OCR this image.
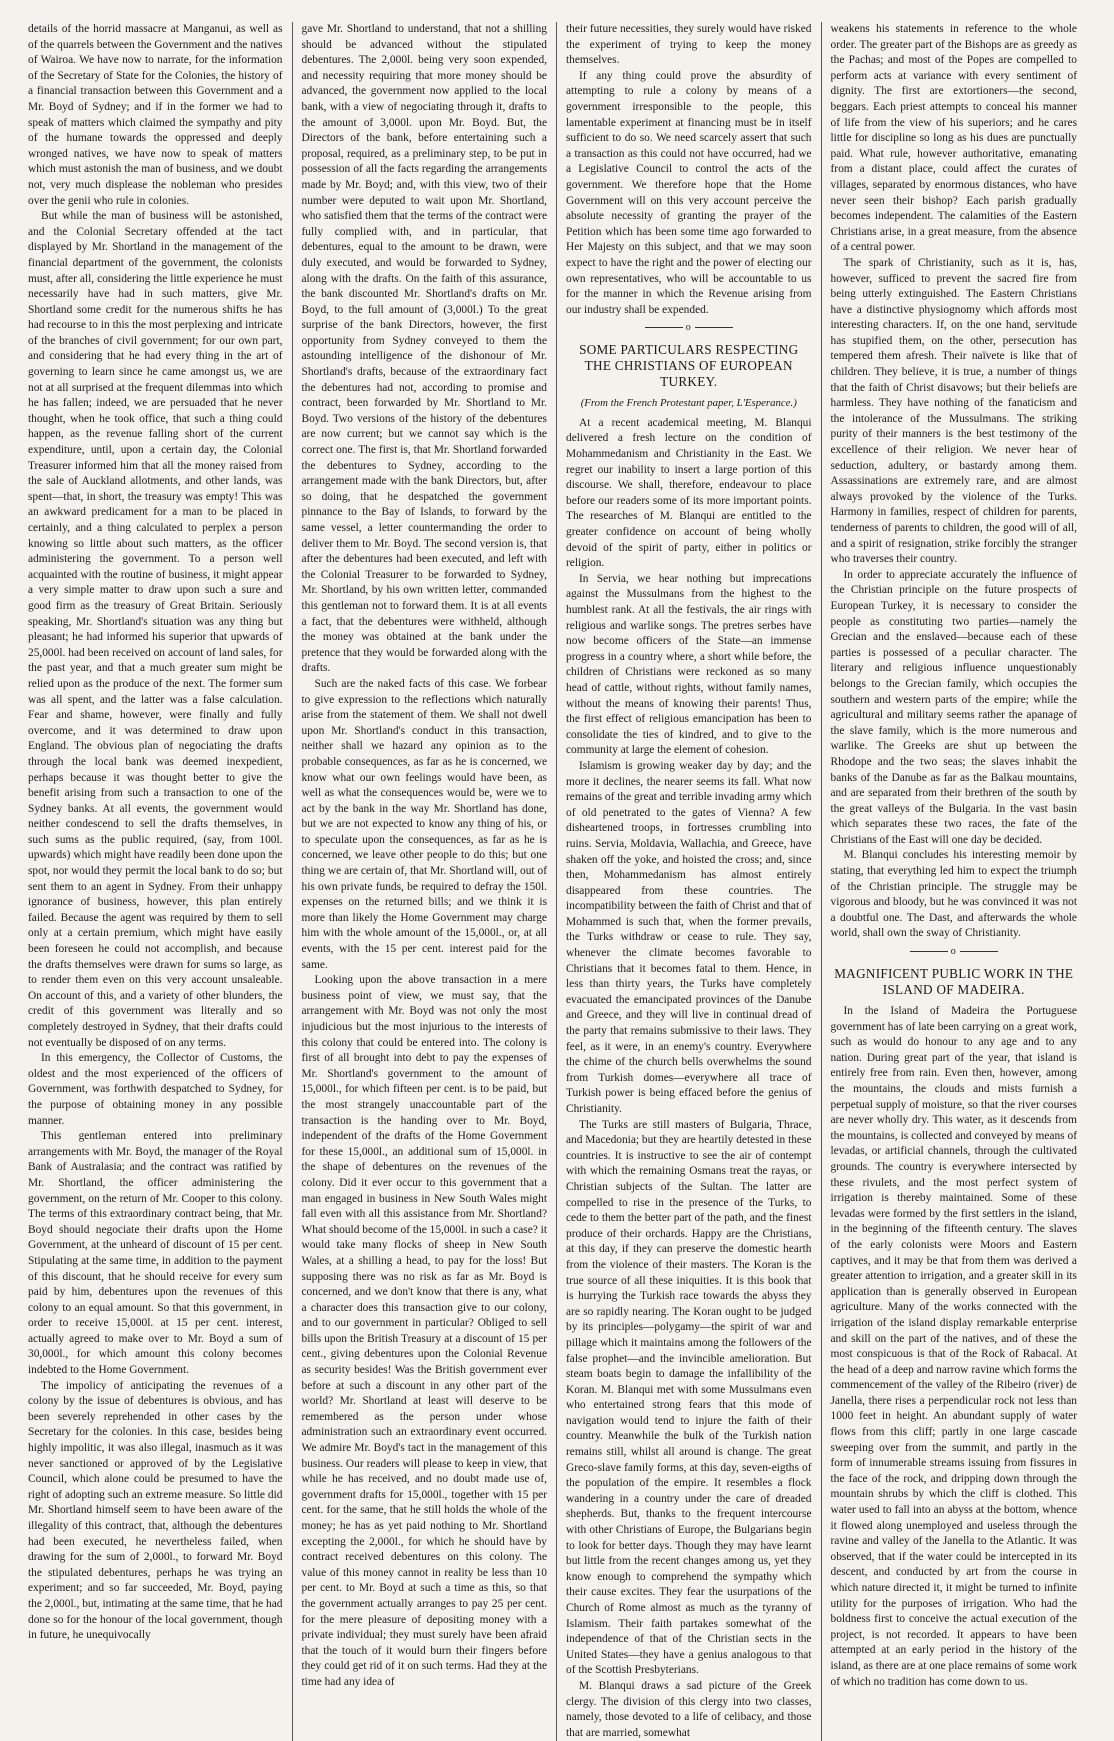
details of the horrid massacre at Manganui, as well as of the quarrels between the Government and the natives of Wairoa. We have now to narrate, for the information of the Secretary of State for the Colonies, the history of a financial transaction between this Government and a Mr. Boyd of Sydney; and if in the former we had to speak of matters which claimed the sympathy and pity of the humane towards the oppressed and deeply wronged natives, we have now to speak of matters which must astonish the man of business, and we doubt not, very much displease the nobleman who presides over the genii who rule in colonies.

But while the man of business will be astonished, and the Colonial Secretary offended at the tact displayed by Mr. Shortland in the management of the financial department of the government, the colonists must, after all, considering the little experience he must necessarily have had in such matters, give Mr. Shortland some credit for the numerous shifts he has had recourse to in this the most perplexing and intricate of the branches of civil government; for our own part, and considering that he had every thing in the art of governing to learn since he came amongst us, we are not at all surprised at the frequent dilemmas into which he has fallen; indeed, we are persuaded that he never thought, when he took office, that such a thing could happen, as the revenue falling short of the current expenditure, until, upon a certain day, the Colonial Treasurer informed him that all the money raised from the sale of Auckland allotments, and other lands, was spent—that, in short, the treasury was empty! This was an awkward predicament for a man to be placed in certainly, and a thing calculated to perplex a person knowing so little about such matters, as the officer administering the government. To a person well acquainted with the routine of business, it might appear a very simple matter to draw upon such a sure and good firm as the treasury of Great Britain. Seriously speaking, Mr. Shortland's situation was any thing but pleasant; he had informed his superior that upwards of 25,000l. had been received on account of land sales, for the past year, and that a much greater sum might be relied upon as the produce of the next. The former sum was all spent, and the latter was a false calculation. Fear and shame, however, were finally and fully overcome, and it was determined to draw upon England. The obvious plan of negociating the drafts through the local bank was deemed inexpedient, perhaps because it was thought better to give the benefit arising from such a transaction to one of the Sydney banks. At all events, the government would neither condescend to sell the drafts themselves, in such sums as the public required, (say, from 100l. upwards) which might have readily been done upon the spot, nor would they permit the local bank to do so; but sent them to an agent in Sydney. From their unhappy ignorance of business, however, this plan entirely failed. Because the agent was required by them to sell only at a certain premium, which might have easily been foreseen he could not accomplish, and because the drafts themselves were drawn for sums so large, as to render them even on this very account unsaleable. On account of this, and a variety of other blunders, the credit of this government was literally and so completely destroyed in Sydney, that their drafts could not eventually be disposed of on any terms.

In this emergency, the Collector of Customs, the oldest and the most experienced of the officers of Government, was forthwith despatched to Sydney, for the purpose of obtaining money in any possible manner.

This gentleman entered into preliminary arrangements with Mr. Boyd, the manager of the Royal Bank of Australasia; and the contract was ratified by Mr. Shortland, the officer administering the government, on the return of Mr. Cooper to this colony. The terms of this extraordinary contract being, that Mr. Boyd should negociate their drafts upon the Home Government, at the unheard of discount of 15 per cent. Stipulating at the same time, in addition to the payment of this discount, that he should receive for every sum paid by him, debentures upon the revenues of this colony to an equal amount. So that this government, in order to receive 15,000l. at 15 per cent. interest, actually agreed to make over to Mr. Boyd a sum of 30,000l., for which amount this colony becomes indebted to the Home Government.

The impolicy of anticipating the revenues of a colony by the issue of debentures is obvious, and has been severely reprehended in other cases by the Secretary for the colonies. In this case, besides being highly impolitic, it was also illegal, inasmuch as it was never sanctioned or approved of by the Legislative Council, which alone could be presumed to have the right of adopting such an extreme measure. So little did Mr. Shortland himself seem to have been aware of the illegality of this contract, that, although the debentures had been executed, he nevertheless failed, when drawing for the sum of 2,000l., to forward Mr. Boyd the stipulated debentures, perhaps he was trying an experiment; and so far succeeded, Mr. Boyd, paying the 2,000l., but, intimating at the same time, that he had done so for the honour of the local government, though in future, he unequivocally

gave Mr. Shortland to understand, that not a shilling should be advanced without the stipulated debentures. The 2,000l. being very soon expended, and necessity requiring that more money should be advanced, the government now applied to the local bank, with a view of negociating through it, drafts to the amount of 3,000l. upon Mr. Boyd. But, the Directors of the bank, before entertaining such a proposal, required, as a preliminary step, to be put in possession of all the facts regarding the arrangements made by Mr. Boyd; and, with this view, two of their number were deputed to wait upon Mr. Shortland, who satisfied them that the terms of the contract were fully complied with, and in particular, that debentures, equal to the amount to be drawn, were duly executed, and would be forwarded to Sydney, along with the drafts. On the faith of this assurance, the bank discounted Mr. Shortland's drafts on Mr. Boyd, to the full amount of (3,000l.) To the great surprise of the bank Directors, however, the first opportunity from Sydney conveyed to them the astounding intelligence of the dishonour of Mr. Shortland's drafts, because of the extraordinary fact the debentures had not, according to promise and contract, been forwarded by Mr. Shortland to Mr. Boyd. Two versions of the history of the debentures are now current; but we cannot say which is the correct one. The first is, that Mr. Shortland forwarded the debentures to Sydney, according to the arrangement made with the bank Directors, but, after so doing, that he despatched the government pinnance to the Bay of Islands, to forward by the same vessel, a letter countermanding the order to deliver them to Mr. Boyd. The second version is, that after the debentures had been executed, and left with the Colonial Treasurer to be forwarded to Sydney, Mr. Shortland, by his own written letter, commanded this gentleman not to forward them. It is at all events a fact, that the debentures were withheld, although the money was obtained at the bank under the pretence that they would be forwarded along with the drafts.

Such are the naked facts of this case. We forbear to give expression to the reflections which naturally arise from the statement of them. We shall not dwell upon Mr. Shortland's conduct in this transaction, neither shall we hazard any opinion as to the probable consequences, as far as he is concerned, we know what our own feelings would have been, as well as what the consequences would be, were we to act by the bank in the way Mr. Shortland has done, but we are not expected to know any thing of his, or to speculate upon the consequences, as far as he is concerned, we leave other people to do this; but one thing we are certain of, that Mr. Shortland will, out of his own private funds, be required to defray the 150l. expenses on the returned bills; and we think it is more than likely the Home Government may charge him with the whole amount of the 15,000l., or, at all events, with the 15 per cent. interest paid for the same.

Looking upon the above transaction in a mere business point of view, we must say, that the arrangement with Mr. Boyd was not only the most injudicious but the most injurious to the interests of this colony that could be entered into. The colony is first of all brought into debt to pay the expenses of Mr. Shortland's government to the amount of 15,000l., for which fifteen per cent. is to be paid, but the most strangely unaccountable part of the transaction is the handing over to Mr. Boyd, independent of the drafts of the Home Government for these 15,000l., an additional sum of 15,000l. in the shape of debentures on the revenues of the colony. Did it ever occur to this government that a man engaged in business in New South Wales might fall even with all this assistance from Mr. Shortland? What should become of the 15,000l. in such a case? it would take many flocks of sheep in New South Wales, at a shilling a head, to pay for the loss! But supposing there was no risk as far as Mr. Boyd is concerned, and we don't know that there is any, what a character does this transaction give to our colony, and to our government in particular? Obliged to sell bills upon the British Treasury at a discount of 15 per cent., giving debentures upon the Colonial Revenue as security besides! Was the British government ever before at such a discount in any other part of the world? Mr. Shortland at least will deserve to be remembered as the person under whose administration such an extraordinary event occurred. We admire Mr. Boyd's tact in the management of this business. Our readers will please to keep in view, that while he has received, and no doubt made use of, government drafts for 15,000l., together with 15 per cent. for the same, that he still holds the whole of the money; he has as yet paid nothing to Mr. Shortland excepting the 2,000l., for which he should have by contract received debentures on this colony. The value of this money cannot in reality be less than 10 per cent. to Mr. Boyd at such a time as this, so that the government actually arranges to pay 25 per cent. for the mere pleasure of depositing money with a private individual; they must surely have been afraid that the touch of it would burn their fingers before they could get rid of it on such terms. Had they at the time had any idea of

their future necessities, they surely would have risked the experiment of trying to keep the money themselves.

If any thing could prove the absurdity of attempting to rule a colony by means of a government irresponsible to the people, this lamentable experiment at financing must be in itself sufficient to do so. We need scarcely assert that such a transaction as this could not have occurred, had we a Legislative Council to control the acts of the government. We therefore hope that the Home Government will on this very account perceive the absolute necessity of granting the prayer of the Petition which has been some time ago forwarded to Her Majesty on this subject, and that we may soon expect to have the right and the power of electing our own representatives, who will be accountable to us for the manner in which the Revenue arising from our industry shall be expended.

o
SOME PARTICULARS RESPECTING THE CHRISTIANS OF EUROPEAN TURKEY.
(From the French Protestant paper, L'Esperance.)

At a recent academical meeting, M. Blanqui delivered a fresh lecture on the condition of Mohammedanism and Christianity in the East. We regret our inability to insert a large portion of this discourse. We shall, therefore, endeavour to place before our readers some of its more important points. The researches of M. Blanqui are entitled to the greater confidence on account of being wholly devoid of the spirit of party, either in politics or religion.

In Servia, we hear nothing but imprecations against the Mussulmans from the highest to the humblest rank. At all the festivals, the air rings with religious and warlike songs. The pretres serbes have now become officers of the State—an immense progress in a country where, a short while before, the children of Christians were reckoned as so many head of cattle, without rights, without family names, without the means of knowing their parents! Thus, the first effect of religious emancipation has been to consolidate the ties of kindred, and to give to the community at large the element of cohesion.

Islamism is growing weaker day by day; and the more it declines, the nearer seems its fall. What now remains of the great and terrible invading army which of old penetrated to the gates of Vienna? A few disheartened troops, in fortresses crumbling into ruins. Servia, Moldavia, Wallachia, and Greece, have shaken off the yoke, and hoisted the cross; and, since then, Mohammedanism has almost entirely disappeared from these countries. The incompatibility between the faith of Christ and that of Mohammed is such that, when the former prevails, the Turks withdraw or cease to rule. They say, whenever the climate becomes favorable to Christians that it becomes fatal to them. Hence, in less than thirty years, the Turks have completely evacuated the emancipated provinces of the Danube and Greece, and they will live in continual dread of the party that remains submissive to their laws. They feel, as it were, in an enemy's country. Everywhere the chime of the church bells overwhelms the sound from Turkish domes—everywhere all trace of Turkish power is being effaced before the genius of Christianity.

The Turks are still masters of Bulgaria, Thrace, and Macedonia; but they are heartily detested in these countries. It is instructive to see the air of contempt with which the remaining Osmans treat the rayas, or Christian subjects of the Sultan. The latter are compelled to rise in the presence of the Turks, to cede to them the better part of the path, and the finest produce of their orchards. Happy are the Christians, at this day, if they can preserve the domestic hearth from the violence of their masters. The Koran is the true source of all these iniquities. It is this book that is hurrying the Turkish race towards the abyss they are so rapidly nearing. The Koran ought to be judged by its principles—polygamy—the spirit of war and pillage which it maintains among the followers of the false prophet—and the invincible amelioration. But steam boats begin to damage the infallibility of the Koran. M. Blanqui met with some Mussulmans even who entertained strong fears that this mode of navigation would tend to injure the faith of their country. Meanwhile the bulk of the Turkish nation remains still, whilst all around is change. The great Greco-slave family forms, at this day, seven-eigths of the population of the empire. It resembles a flock wandering in a country under the care of dreaded shepherds. But, thanks to the frequent intercourse with other Christians of Europe, the Bulgarians begin to look for better days. Though they may have learnt but little from the recent changes among us, yet they know enough to comprehend the sympathy which their cause excites. They fear the usurpations of the Church of Rome almost as much as the tyranny of Islamism. Their faith partakes somewhat of the independence of that of the Christian sects in the United States—they have a genius analogous to that of the Scottish Presbyterians.

M. Blanqui draws a sad picture of the Greek clergy. The division of this clergy into two classes, namely, those devoted to a life of celibacy, and those that are married, somewhat

weakens his statements in reference to the whole order. The greater part of the Bishops are as greedy as the Pachas; and most of the Popes are compelled to perform acts at variance with every sentiment of dignity. The first are extortioners—the second, beggars. Each priest attempts to conceal his manner of life from the view of his superiors; and he cares little for discipline so long as his dues are punctually paid. What rule, however authoritative, emanating from a distant place, could affect the curates of villages, separated by enormous distances, who have never seen their bishop? Each parish gradually becomes independent. The calamities of the Eastern Christians arise, in a great measure, from the absence of a central power.

The spark of Christianity, such as it is, has, however, sufficed to prevent the sacred fire from being utterly extinguished. The Eastern Christians have a distinctive physiognomy which affords most interesting characters. If, on the one hand, servitude has stupified them, on the other, persecution has tempered them afresh. Their naïvete is like that of children. They believe, it is true, a number of things that the faith of Christ disavows; but their beliefs are harmless. They have nothing of the fanaticism and the intolerance of the Mussulmans. The striking purity of their manners is the best testimony of the excellence of their religion. We never hear of seduction, adultery, or bastardy among them. Assassinations are extremely rare, and are almost always provoked by the violence of the Turks. Harmony in families, respect of children for parents, tenderness of parents to children, the good will of all, and a spirit of resignation, strike forcibly the stranger who traverses their country.

In order to appreciate accurately the influence of the Christian principle on the future prospects of European Turkey, it is necessary to consider the people as constituting two parties—namely the Grecian and the enslaved—because each of these parties is possessed of a peculiar character. The literary and religious influence unquestionably belongs to the Grecian family, which occupies the southern and western parts of the empire; while the agricultural and military seems rather the apanage of the slave family, which is the more numerous and warlike. The Greeks are shut up between the Rhodope and the two seas; the slaves inhabit the banks of the Danube as far as the Balkau mountains, and are separated from their brethren of the south by the great valleys of the Bulgaria. In the vast basin which separates these two races, the fate of the Christians of the East will one day be decided.

M. Blanqui concludes his interesting memoir by stating, that everything led him to expect the triumph of the Christian principle. The struggle may be vigorous and bloody, but he was convinced it was not a doubtful one. The Dast, and afterwards the whole world, shall own the sway of Christianity.

o
MAGNIFICENT PUBLIC WORK IN THE ISLAND OF MADEIRA.

In the Island of Madeira the Portuguese government has of late been carrying on a great work, such as would do honour to any age and to any nation. During great part of the year, that island is entirely free from rain. Even then, however, among the mountains, the clouds and mists furnish a perpetual supply of moisture, so that the river courses are never wholly dry. This water, as it descends from the mountains, is collected and conveyed by means of levadas, or artificial channels, through the cultivated grounds. The country is everywhere intersected by these rivulets, and the most perfect system of irrigation is thereby maintained. Some of these levadas were formed by the first settlers in the island, in the beginning of the fifteenth century. The slaves of the early colonists were Moors and Eastern captives, and it may be that from them was derived a greater attention to irrigation, and a greater skill in its application than is generally observed in European agriculture. Many of the works connected with the irrigation of the island display remarkable enterprise and skill on the part of the natives, and of these the most conspicuous is that of the Rock of Rabacal. At the head of a deep and narrow ravine which forms the commencement of the valley of the Ribeiro (river) de Janella, there rises a perpendicular rock not less than 1000 feet in height. An abundant supply of water flows from this cliff; partly in one large cascade sweeping over from the summit, and partly in the form of innumerable streams issuing from fissures in the face of the rock, and dripping down through the mountain shrubs by which the cliff is clothed. This water used to fall into an abyss at the bottom, whence it flowed along unemployed and useless through the ravine and valley of the Janella to the Atlantic. It was observed, that if the water could be intercepted in its descent, and conducted by art from the course in which nature directed it, it might be turned to infinite utility for the purposes of irrigation. Who had the boldness first to conceive the actual execution of the project, is not recorded. It appears to have been attempted at an early period in the history of the island, as there are at one place remains of some work of which no tradition has come down to us.
